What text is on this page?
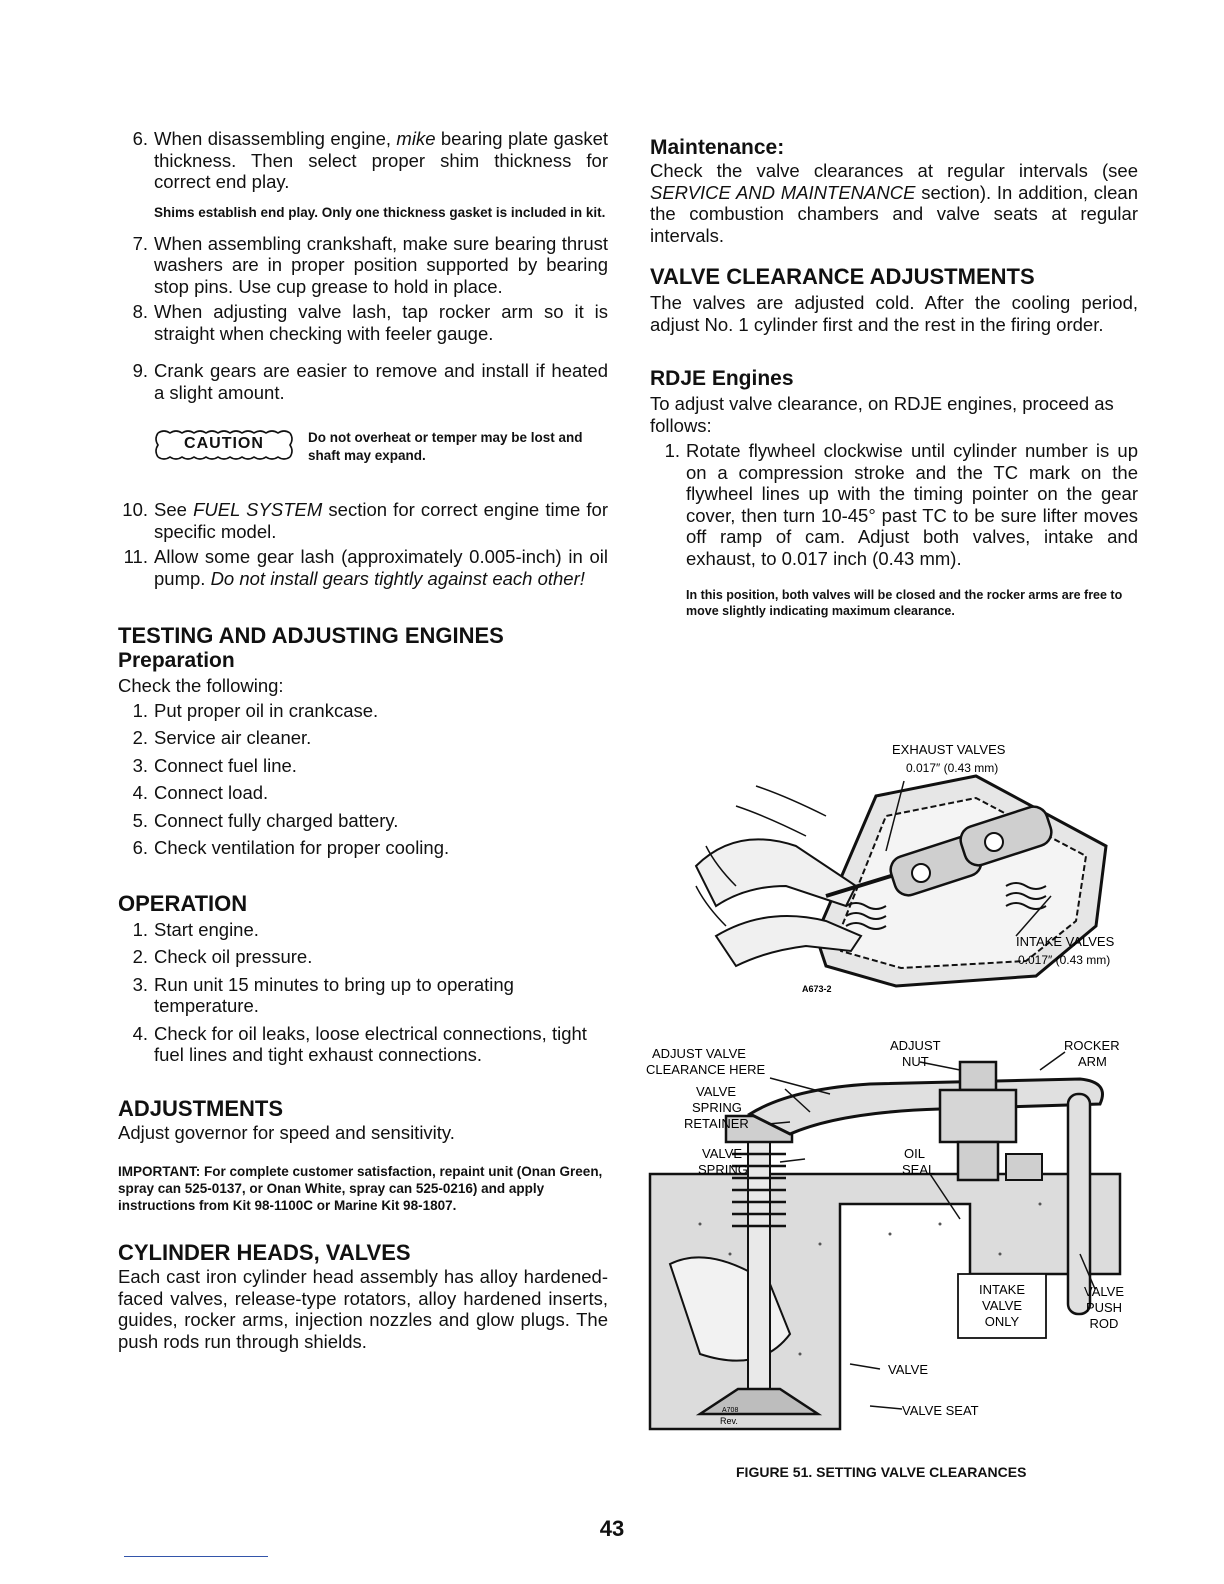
6. When disassembling engine, mike bearing plate gasket thickness. Then select proper shim thickness for correct end play.

Shims establish end play. Only one thickness gasket is included in kit.

7. When assembling crankshaft, make sure bearing thrust washers are in proper position supported by bearing stop pins. Use cup grease to hold in place.
8. When adjusting valve lash, tap rocker arm so it is straight when checking with feeler gauge.
9. Crank gears are easier to remove and install if heated a slight amount.
CAUTION	Do not overheat or temper may be lost and shaft may expand.

10. See FUEL SYSTEM section for correct engine time for specific model.
11. Allow some gear lash (approximately 0.005-inch) in oil pump. Do not install gears tightly against each other!
TESTING AND ADJUSTING ENGINES
Preparation

Check the following:

1. Put proper oil in crankcase.
2. Service air cleaner.
3. Connect fuel line.
4. Connect load.
5. Connect fully charged battery.
6. Check ventilation for proper cooling.
OPERATION
1. Start engine.
2. Check oil pressure.
3. Run unit 15 minutes to bring up to operating temperature.
4. Check for oil leaks, loose electrical connections, tight fuel lines and tight exhaust connections.
ADJUSTMENTS

Adjust governor for speed and sensitivity.

IMPORTANT: For complete customer satisfaction, repaint unit (Onan Green, spray can 525-0137, or Onan White, spray can 525-0216) and apply instructions from Kit 98-1100C or Marine Kit 98-1807.

CYLINDER HEADS, VALVES

Each cast iron cylinder head assembly has alloy hardened-faced valves, release-type rotators, alloy hardened inserts, guides, rocker arms, injection nozzles and glow plugs. The push rods run through shields.

Maintenance:

Check the valve clearances at regular intervals (see SERVICE AND MAINTENANCE section). In addition, clean the combustion chambers and valve seats at regular intervals.

VALVE CLEARANCE ADJUSTMENTS

The valves are adjusted cold. After the cooling period, adjust No. 1 cylinder first and the rest in the firing order.

RDJE Engines

To adjust valve clearance, on RDJE engines, proceed as follows:

1. Rotate flywheel clockwise until cylinder number is up on a compression stroke and the TC mark on the flywheel lines up with the timing pointer on the gear cover, then turn 10-45° past TC to be sure lifter moves off ramp of cam. Adjust both valves, intake and exhaust, to 0.017 inch (0.43 mm).

In this position, both valves will be closed and the rocker arms are free to move slightly indicating maximum clearance.

EXHAUST VALVES
0.017″ (0.43 mm)
INTAKE VALVES
0.017″ (0.43 mm)
A673-2
ADJUST VALVE
CLEARANCE HERE
ADJUST
NUT
ROCKER
ARM
VALVE
SPRING
RETAINER
VALVE
SPRING
OIL
SEAL
INTAKE
VALVE
ONLY
VALVE
PUSH
ROD
VALVE
VALVE SEAT
A708
Rev.

FIGURE 51. SETTING VALVE CLEARANCES

43
